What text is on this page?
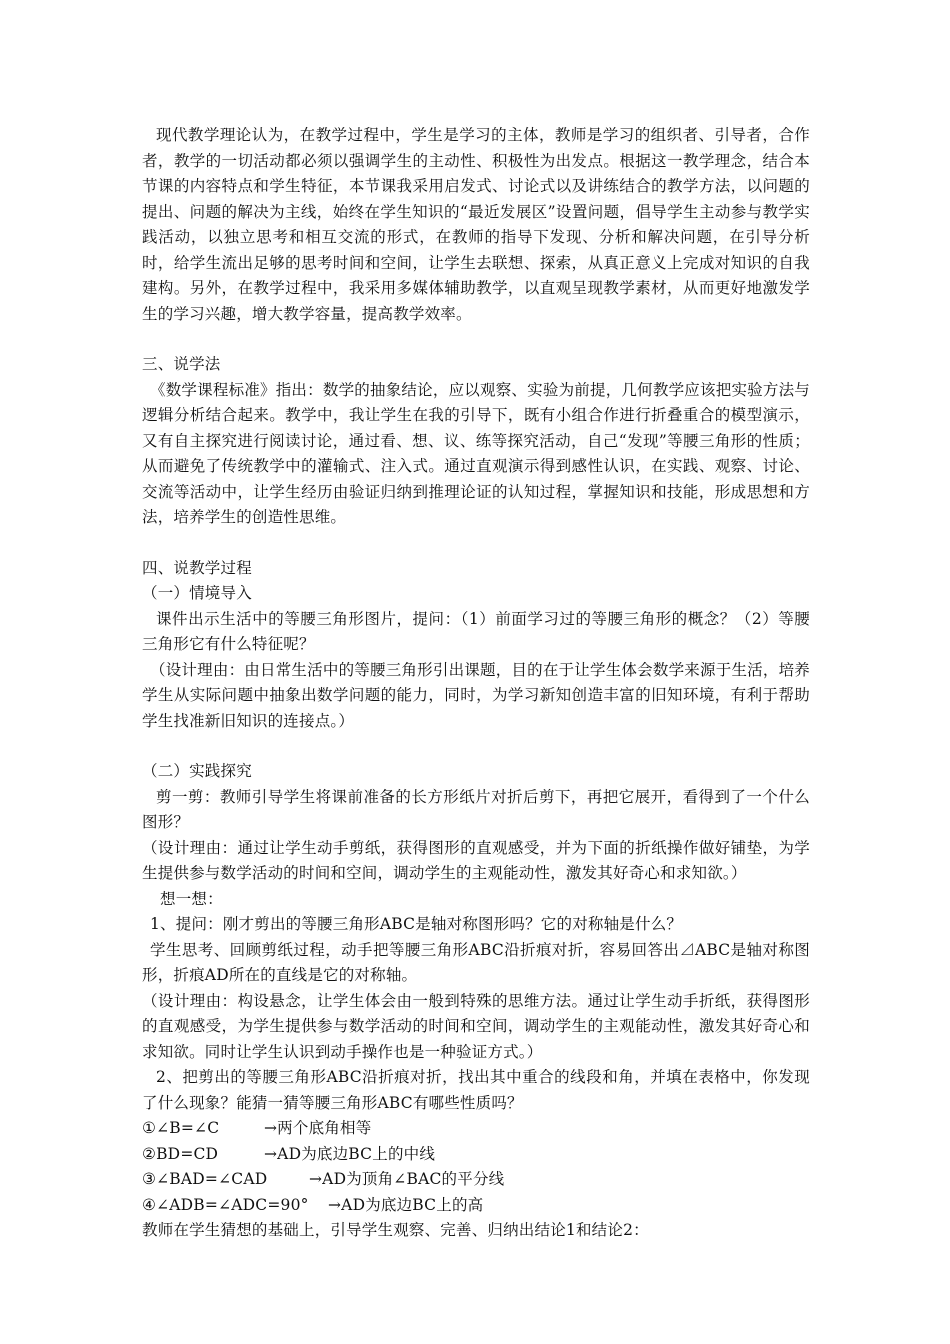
现代教学理论认为，在教学过程中，学生是学习的主体，教师是学习的组织者、引导者，合作者，教学的一切活动都必须以强调学生的主动性、积极性为出发点。根据这一教学理念，结合本节课的内容特点和学生特征，本节课我采用启发式、讨论式以及讲练结合的教学方法，以问题的提出、问题的解决为主线，始终在学生知识的“最近发展区”设置问题，倡导学生主动参与教学实践活动，以独立思考和相互交流的形式，在教师的指导下发现、分析和解决问题，在引导分析时，给学生流出足够的思考时间和空间，让学生去联想、探索，从真正意义上完成对知识的自我建构。另外，在教学过程中，我采用多媒体辅助教学，以直观呈现教学素材，从而更好地激发学生的学习兴趣，增大教学容量，提高教学效率。

三、说学法

《数学课程标准》指出：数学的抽象结论，应以观察、实验为前提，几何教学应该把实验方法与逻辑分析结合起来。教学中，我让学生在我的引导下，既有小组合作进行折叠重合的模型演示，又有自主探究进行阅读讨论，通过看、想、议、练等探究活动，自己“发现”等腰三角形的性质；从而避免了传统教学中的灌输式、注入式。通过直观演示得到感性认识，在实践、观察、讨论、交流等活动中，让学生经历由验证归纳到推理论证的认知过程，掌握知识和技能，形成思想和方法，培养学生的创造性思维。

四、说教学过程

（一）情境导入

课件出示生活中的等腰三角形图片，提问：（1）前面学习过的等腰三角形的概念？（2）等腰三角形它有什么特征呢？

（设计理由：由日常生活中的等腰三角形引出课题，目的在于让学生体会数学来源于生活，培养学生从实际问题中抽象出数学问题的能力，同时，为学习新知创造丰富的旧知环境，有利于帮助学生找准新旧知识的连接点。）

（二）实践探究

剪一剪：教师引导学生将课前准备的长方形纸片对折后剪下，再把它展开，看得到了一个什么图形？

（设计理由：通过让学生动手剪纸，获得图形的直观感受，并为下面的折纸操作做好铺垫，为学生提供参与数学活动的时间和空间，调动学生的主观能动性，激发其好奇心和求知欲。）

想一想：

1、提问：刚才剪出的等腰三角形ABC是轴对称图形吗？它的对称轴是什么？

学生思考、回顾剪纸过程，动手把等腰三角形ABC沿折痕对折，容易回答出⊿ABC是轴对称图形，折痕AD所在的直线是它的对称轴。

（设计理由：构设悬念，让学生体会由一般到特殊的思维方法。通过让学生动手折纸，获得图形的直观感受，为学生提供参与数学活动的时间和空间，调动学生的主观能动性，激发其好奇心和求知欲。同时让学生认识到动手操作也是一种验证方式。）

2、把剪出的等腰三角形ABC沿折痕对折，找出其中重合的线段和角，并填在表格中，你发现了什么现象？能猜一猜等腰三角形ABC有哪些性质吗？

①∠B=∠C	→两个底角相等
②BD=CD	→AD为底边BC上的中线
③∠BAD=∠CAD	→AD为顶角∠BAC的平分线
④∠ADB=∠ADC=90°	→AD为底边BC上的高

教师在学生猜想的基础上，引导学生观察、完善、归纳出结论1和结论2：
